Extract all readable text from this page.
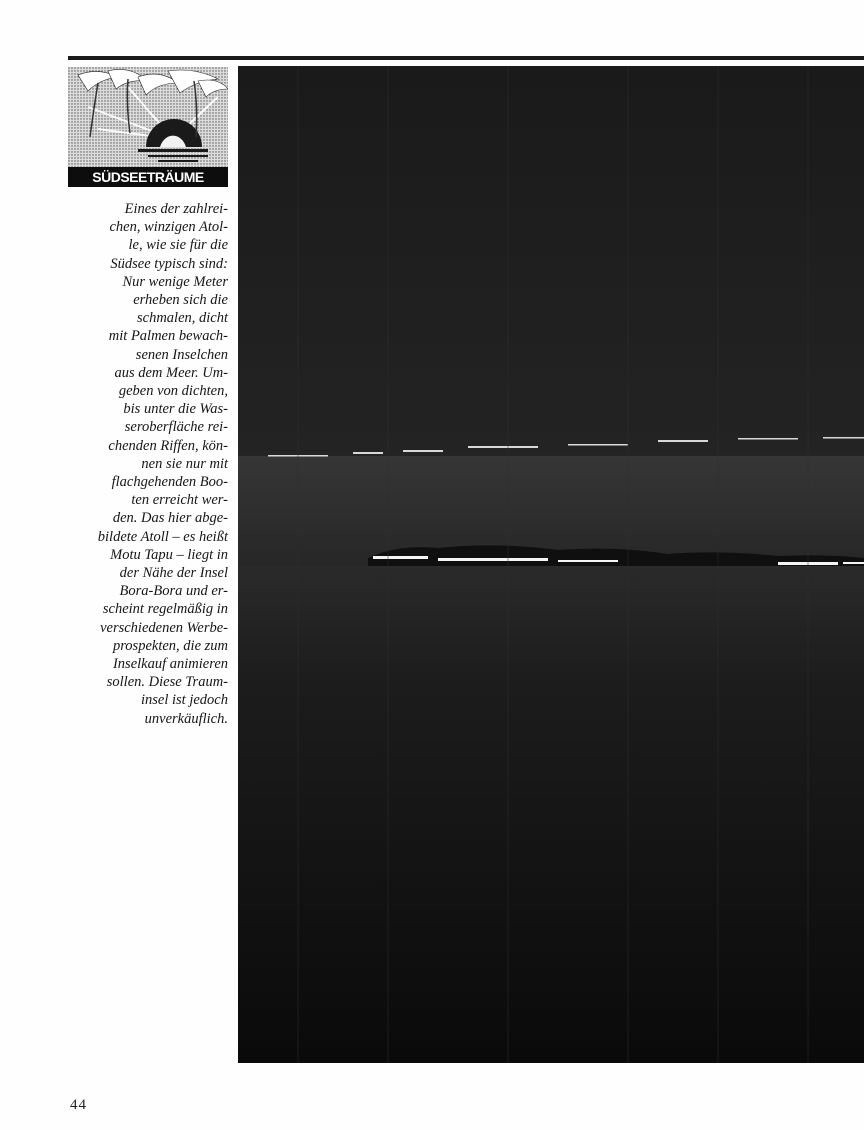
SÜDSEETRÄUME

Eines der zahlrei-
chen, winzigen Atol-
le, wie sie für die
Südsee typisch sind:
Nur wenige Meter
erheben sich die
schmalen, dicht
mit Palmen bewach-
senen Inselchen
aus dem Meer. Um-
geben von dichten,
bis unter die Was-
seroberfläche rei-
chenden Riffen, kön-
nen sie nur mit
flachgehenden Boo-
ten erreicht wer-
den. Das hier abge-
bildete Atoll – es heißt
Motu Tapu – liegt in
der Nähe der Insel
Bora-Bora und er-
scheint regelmäßig in
verschiedenen Werbe-
prospekten, die zum
Inselkauf animieren
sollen. Diese Traum-
insel ist jedoch
unverkäuflich.

44
